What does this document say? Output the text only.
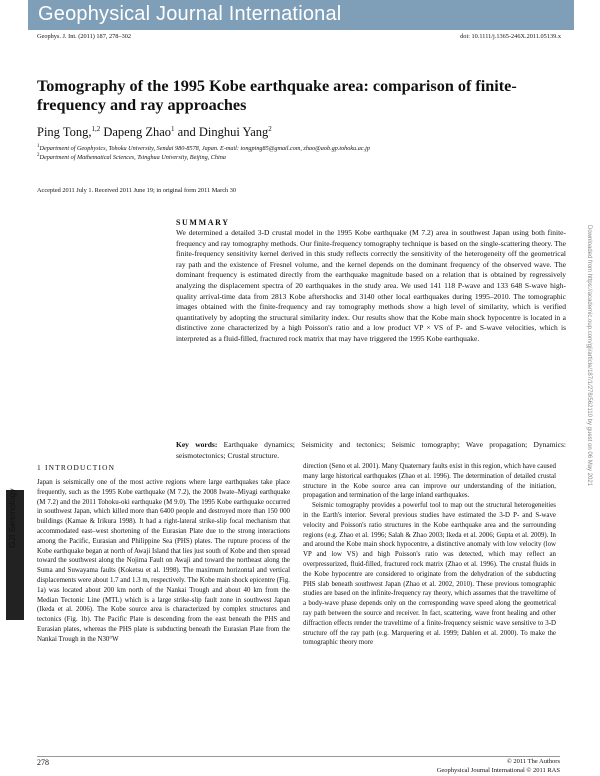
Geophysical Journal International
Geophys. J. Int. (2011) 187, 278–302	doi: 10.1111/j.1365-246X.2011.05139.x
Tomography of the 1995 Kobe earthquake area: comparison of finite-frequency and ray approaches
Ping Tong,$^{1,2}$ Dapeng Zhao$^1$ and Dinghui Yang$^2$
$^1$Department of Geophysics, Tohoku University, Sendai 980-8578, Japan. E-mail: tongping85@gmail.com, zhao@aob.gp.tohoku.ac.jp
$^2$Department of Mathematical Sciences, Tsinghua University, Beijing, China
Accepted 2011 July 1. Received 2011 June 19; in original form 2011 March 30
SUMMARY

We determined a detailed 3-D crustal model in the 1995 Kobe earthquake (M 7.2) area in southwest Japan using both finite-frequency and ray tomography methods. Our finite-frequency tomography technique is based on the single-scattering theory. The finite-frequency sensitivity kernel derived in this study reflects correctly the sensitivity of the heterogeneity off the geometrical ray path and the existence of Fresnel volume, and the kernel depends on the dominant frequency of the observed wave. The dominant frequency is estimated directly from the earthquake magnitude based on a relation that is obtained by regressively analyzing the displacement spectra of 20 earthquakes in the study area. We used 141 118 P-wave and 133 648 S-wave high-quality arrival-time data from 2813 Kobe aftershocks and 3140 other local earthquakes during 1995–2010. The tomographic images obtained with the finite-frequency and ray tomography methods show a high level of similarity, which is verified quantitatively by adopting the structural similarity index. Our results show that the Kobe main shock hypocentre is located in a distinctive zone characterized by a high Poisson's ratio and a low product VP × VS of P- and S-wave velocities, which is interpreted as a fluid-filled, fractured rock matrix that may have triggered the 1995 Kobe earthquake.

Key words: Earthquake dynamics; Seismicity and tectonics; Seismic tomography; Wave propagation; Dynamics: seismotectonics; Crustal structure.

GJI Seismology
Downloaded from https://academic.oup.com/gji/article/187/1/278/562110 by guest on 06 May 2021
1 INTRODUCTION

Japan is seismically one of the most active regions where large earthquakes take place frequently, such as the 1995 Kobe earthquake (M 7.2), the 2008 Iwate–Miyagi earthquake (M 7.2) and the 2011 Tohoku-oki earthquake (M 9.0). The 1995 Kobe earthquake occurred in southwest Japan, which killed more than 6400 people and destroyed more than 150 000 buildings (Kamae & Irikura 1998). It had a right-lateral strike-slip focal mechanism that accommodated east–west shortening of the Eurasian Plate due to the strong interactions among the Pacific, Eurasian and Philippine Sea (PHS) plates. The rupture process of the Kobe earthquake began at north of Awaji Island that lies just south of Kobe and then spread toward the southwest along the Nojima Fault on Awaji and toward the northeast along the Suma and Suwayama faults (Koketsu et al. 1998). The maximum horizontal and vertical displacements were about 1.7 and 1.3 m, respectively. The Kobe main shock epicentre (Fig. 1a) was located about 200 km north of the Nankai Trough and about 40 km from the Median Tectonic Line (MTL) which is a large strike-slip fault zone in southwest Japan (Ikeda et al. 2006). The Kobe source area is characterized by complex structures and tectonics (Fig. 1b). The Pacific Plate is descending from the east beneath the PHS and Eurasian plates, whereas the PHS plate is subducting beneath the Eurasian Plate from the Nankai Trough in the N30°W

direction (Seno et al. 2001). Many Quaternary faults exist in this region, which have caused many large historical earthquakes (Zhao et al. 1996). The determination of detailed crustal structure in the Kobe source area can improve our understanding of the initiation, propagation and termination of the large inland earthquakes.

Seismic tomography provides a powerful tool to map out the structural heterogeneities in the Earth's interior. Several previous studies have estimated the 3-D P- and S-wave velocity and Poisson's ratio structures in the Kobe earthquake area and the surrounding regions (e.g. Zhao et al. 1996; Salah & Zhao 2003; Ikeda et al. 2006; Gupta et al. 2009). In and around the Kobe main shock hypocentre, a distinctive anomaly with low velocity (low VP and low VS) and high Poisson's ratio was detected, which may reflect an overpressurized, fluid-filled, fractured rock matrix (Zhao et al. 1996). The crustal fluids in the Kobe hypocentre are considered to originate from the dehydration of the subducting PHS slab beneath southwest Japan (Zhao et al. 2002, 2010). These previous tomographic studies are based on the infinite-frequency ray theory, which assumes that the traveltime of a body-wave phase depends only on the corresponding wave speed along the geometrical ray path between the source and receiver. In fact, scattering, wave front healing and other diffraction effects render the traveltime of a finite-frequency seismic wave sensitive to 3-D structure off the ray path (e.g. Marquering et al. 1999; Dahlen et al. 2000). To make the tomographic theory more

278	© 2011 The Authors
Geophysical Journal International © 2011 RAS
